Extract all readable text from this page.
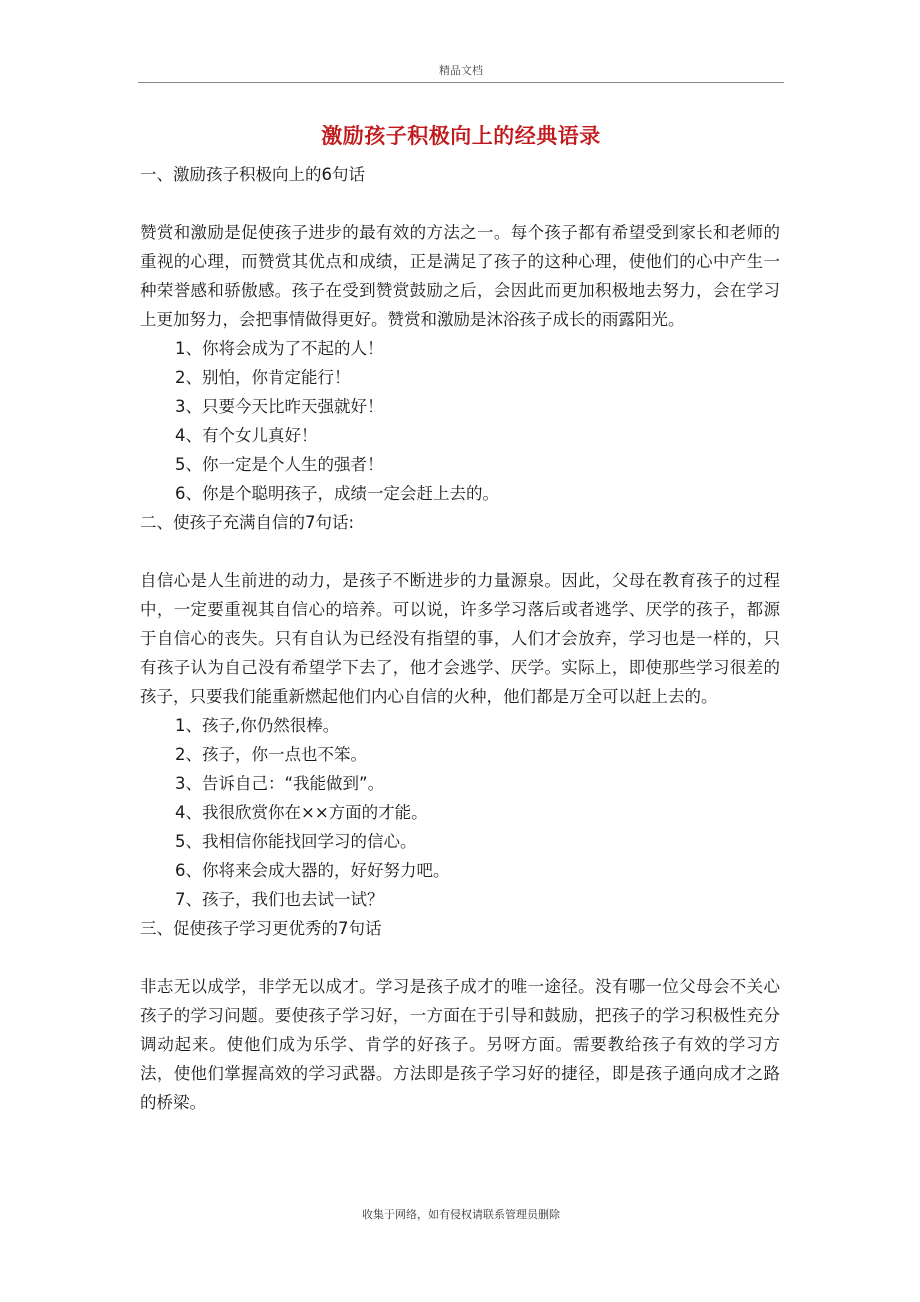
精品文档
激励孩子积极向上的经典语录

一、激励孩子积极向上的6句话

赞赏和激励是促使孩子进步的最有效的方法之一。每个孩子都有希望受到家长和老师的重视的心理，而赞赏其优点和成绩，正是满足了孩子的这种心理，使他们的心中产生一种荣誉感和骄傲感。孩子在受到赞赏鼓励之后，会因此而更加积极地去努力，会在学习上更加努力，会把事情做得更好。赞赏和激励是沐浴孩子成长的雨露阳光。

1、你将会成为了不起的人！
2、别怕，你肯定能行！
3、只要今天比昨天强就好！
4、有个女儿真好！
5、你一定是个人生的强者！
6、你是个聪明孩子，成绩一定会赶上去的。

二、使孩子充满自信的7句话:

自信心是人生前进的动力，是孩子不断进步的力量源泉。因此，父母在教育孩子的过程中，一定要重视其自信心的培养。可以说，许多学习落后或者逃学、厌学的孩子，都源于自信心的丧失。只有自认为已经没有指望的事，人们才会放弃，学习也是一样的，只有孩子认为自己没有希望学下去了，他才会逃学、厌学。实际上，即使那些学习很差的孩子，只要我们能重新燃起他们内心自信的火种，他们都是万全可以赶上去的。

1、孩子,你仍然很棒。
2、孩子，你一点也不笨。
3、告诉自己：“我能做到”。
4、我很欣赏你在××方面的才能。
5、我相信你能找回学习的信心。
6、你将来会成大器的，好好努力吧。
7、孩子，我们也去试一试？

三、促使孩子学习更优秀的7句话

非志无以成学，非学无以成才。学习是孩子成才的唯一途径。没有哪一位父母会不关心孩子的学习问题。要使孩子学习好，一方面在于引导和鼓励，把孩子的学习积极性充分调动起来。使他们成为乐学、肯学的好孩子。另呀方面。需要教给孩子有效的学习方法，使他们掌握高效的学习武器。方法即是孩子学习好的捷径，即是孩子通向成才之路的桥梁。

收集于网络，如有侵权请联系管理员删除
